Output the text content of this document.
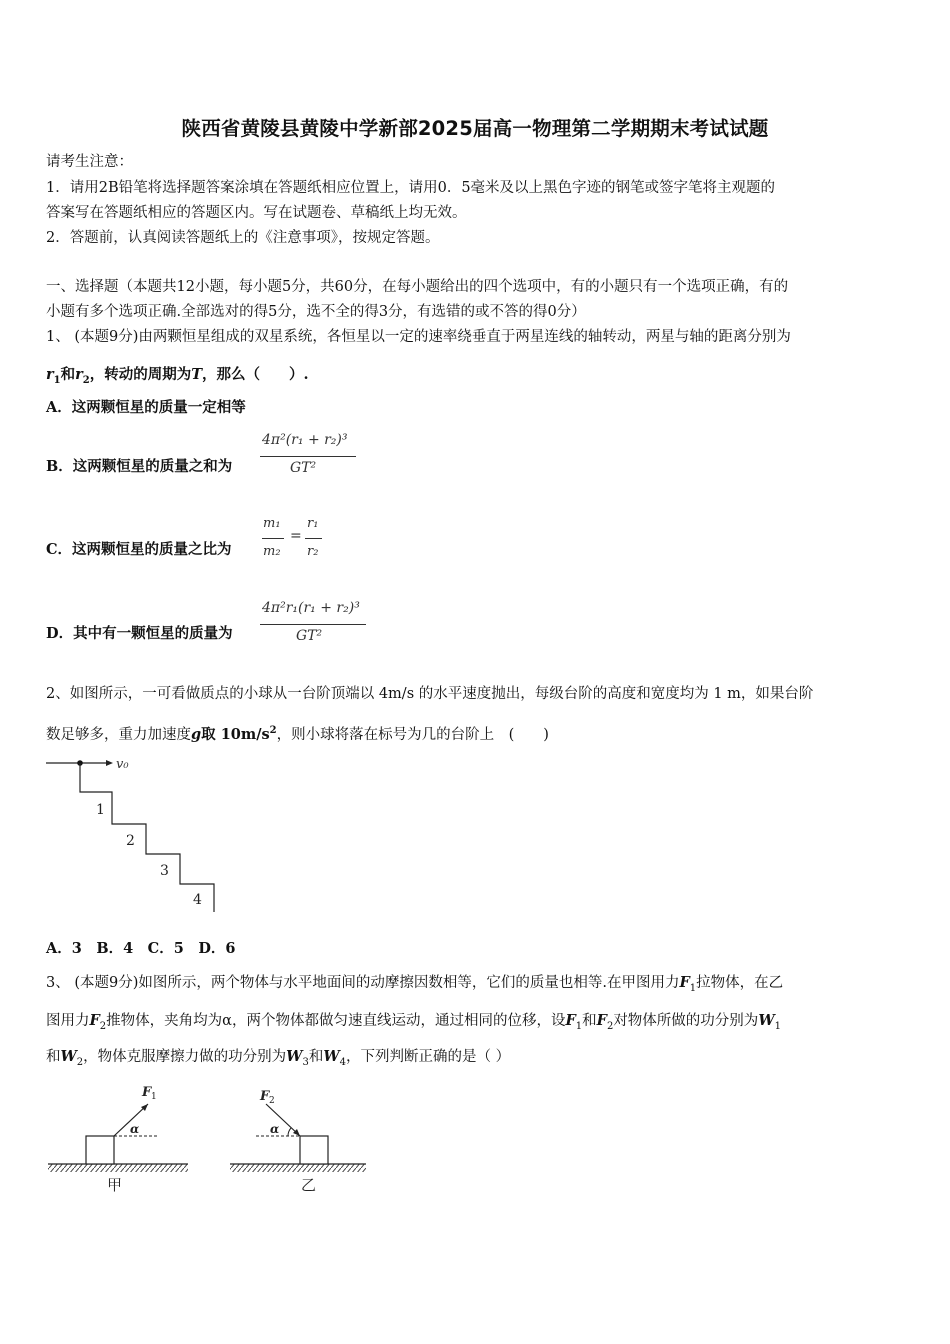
陕西省黄陵县黄陵中学新部2025届高一物理第二学期期末考试试题
请考生注意：
1．请用2B铅笔将选择题答案涂填在答题纸相应位置上，请用0．5毫米及以上黑色字迹的钢笔或签字笔将主观题的
答案写在答题纸相应的答题区内。写在试题卷、草稿纸上均无效。
2．答题前，认真阅读答题纸上的《注意事项》，按规定答题。
一、选择题（本题共12小题，每小题5分，共60分，在每小题给出的四个选项中，有的小题只有一个选项正确，有的
小题有多个选项正确.全部选对的得5分，选不全的得3分，有选错的或不答的得0分）
1、 (本题9分)由两颗恒星组成的双星系统，各恒星以一定的速率绕垂直于两星连线的轴转动，两星与轴的距离分别为
$r_1$和$r_2$，转动的周期为T，那么（　　）.
A．这两颗恒星的质量一定相等
B．这两颗恒星的质量之和为
4π²(r₁ + r₂)³
GT²
C．这两颗恒星的质量之比为
m₁
m₂
=
r₁
r₂
D．其中有一颗恒星的质量为
4π²r₁(r₁ + r₂)³
GT²
2、如图所示，一可看做质点的小球从一台阶顶端以 4m/s 的水平速度抛出，每级台阶的高度和宽度均为 1 m，如果台阶
数足够多，重力加速度g取 $10m/s^2$，则小球将落在标号为几的台阶上　(　　)
v₀
1
2
3
4
A．3　B．4　C．5　D．6
3、 (本题9分)如图所示，两个物体与水平地面间的动摩擦因数相等，它们的质量也相等.在甲图用力$F_1$拉物体，在乙
图用力$F_2$推物体，夹角均为α，两个物体都做匀速直线运动，通过相同的位移，设$F_1$和$F_2$对物体所做的功分别为$W_1$
和$W_2$，物体克服摩擦力做的功分别为$W_3$和$W_4$，下列判断正确的是（ ）
α
F 1
甲
α
F 2
乙
